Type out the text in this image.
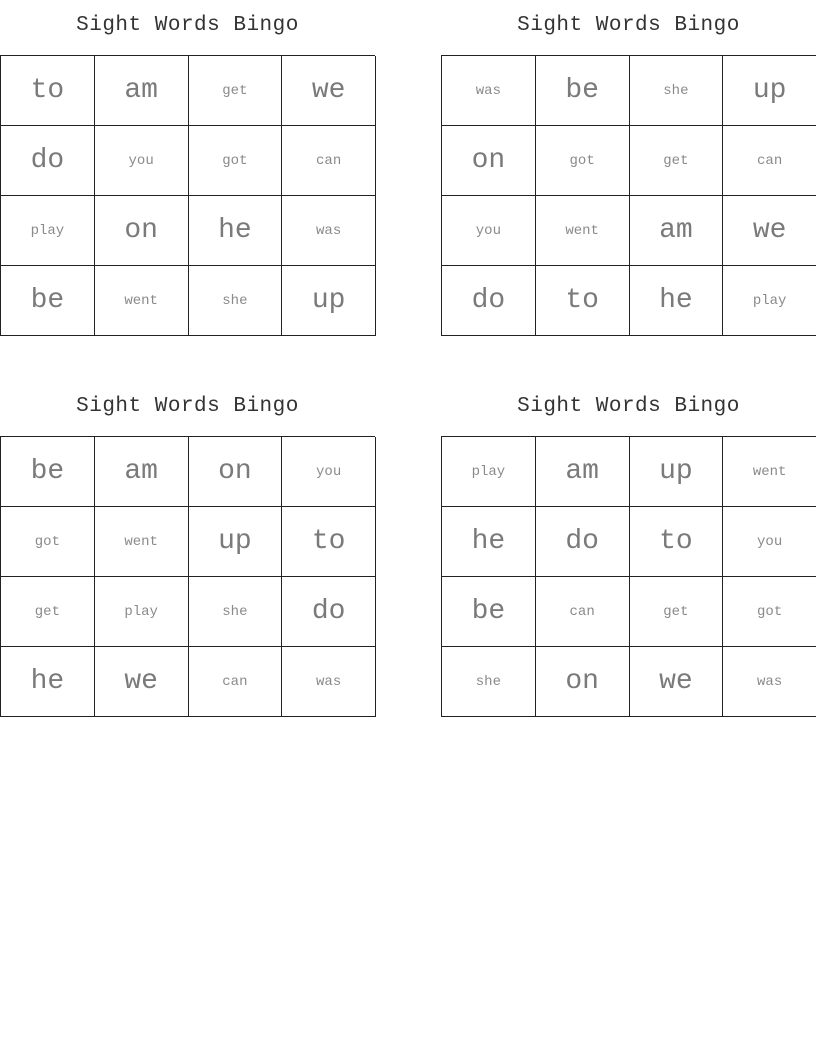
Sight Words Bingo
to	am	get	we
do	you	got	can
play	on	he	was
be	went	she	up
Sight Words Bingo
was	be	she	up
on	got	get	can
you	went	am	we
do	to	he	play
Sight Words Bingo
be	am	on	you
got	went	up	to
get	play	she	do
he	we	can	was
Sight Words Bingo
play	am	up	went
he	do	to	you
be	can	get	got
she	on	we	was
